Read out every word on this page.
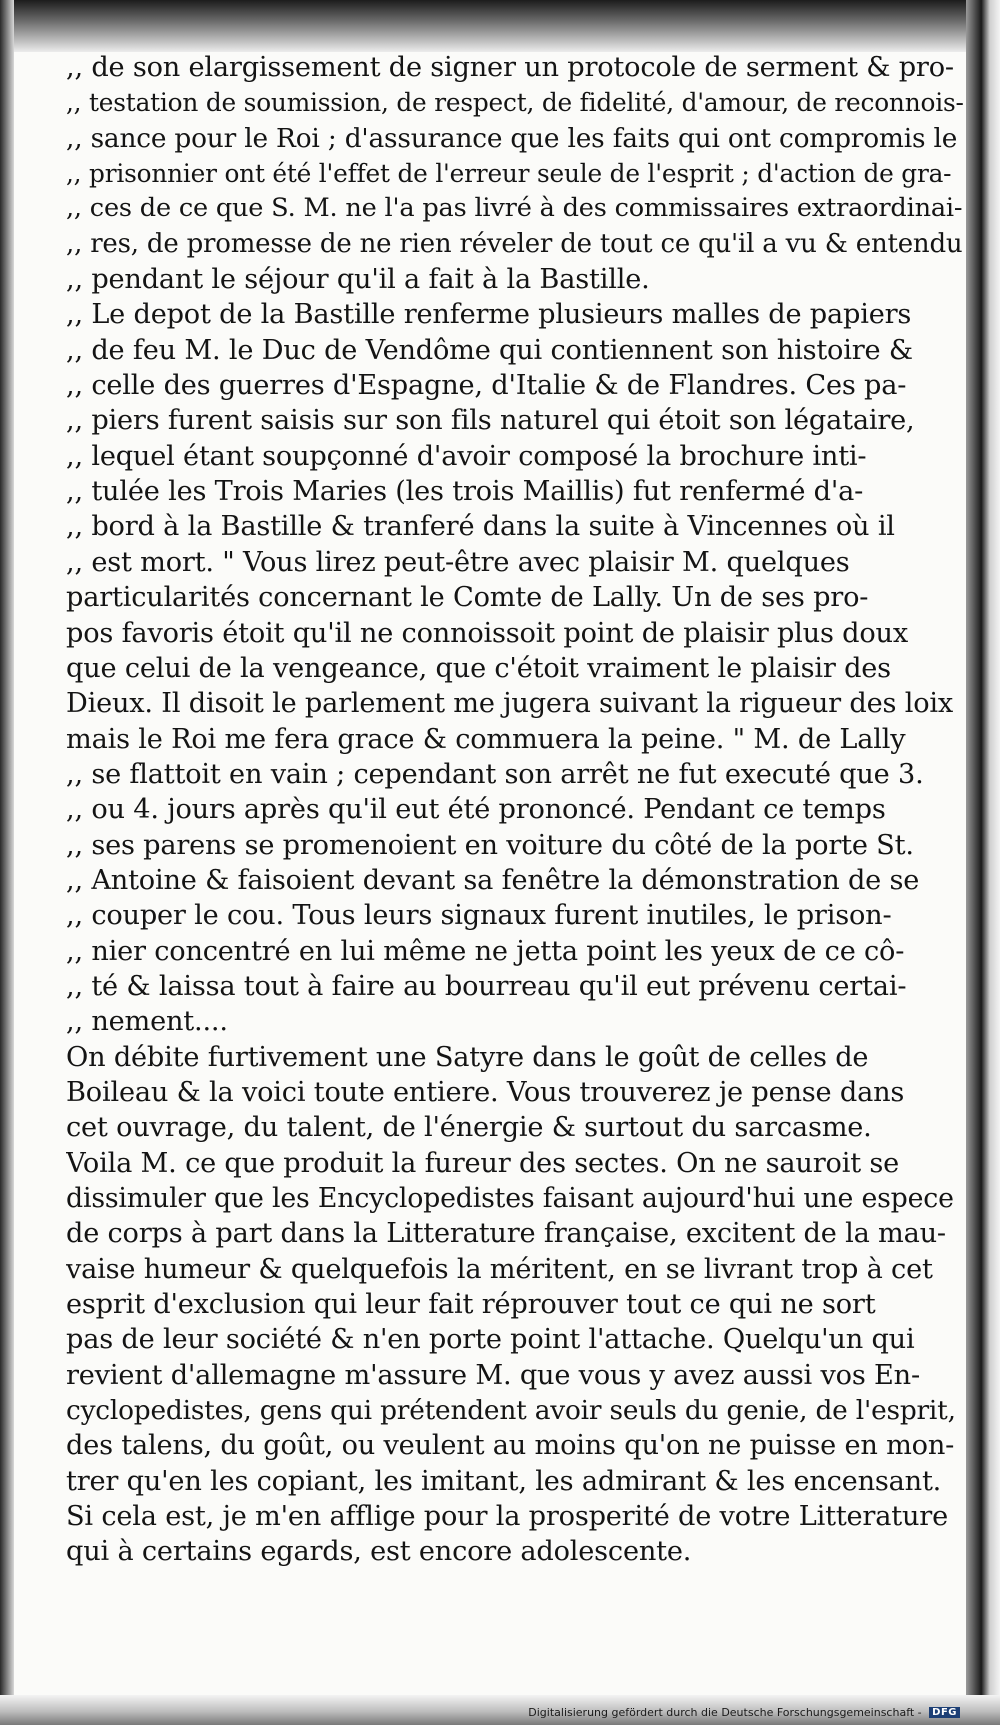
,, de son elargissement de signer un protocole de serment & pro-
,, testation de soumission, de respect, de fidelité, d'amour, de reconnois-
,, sance pour le Roi ; d'assurance que les faits qui ont compromis le
,, prisonnier ont été l'effet de l'erreur seule de l'esprit ; d'action de gra-
,, ces de ce que S. M. ne l'a pas livré à des commissaires extraordinai-
,, res, de promesse de ne rien réveler de tout ce qu'il a vu & entendu
,, pendant le séjour qu'il a fait à la Bastille.
,, Le depot de la Bastille renferme plusieurs malles de papiers
,, de feu M. le Duc de Vendôme qui contiennent son histoire &
,, celle des guerres d'Espagne, d'Italie & de Flandres. Ces pa-
,, piers furent saisis sur son fils naturel qui étoit son légataire,
,, lequel étant soupçonné d'avoir composé la brochure inti-
,, tulée les Trois Maries (les trois Maillis) fut renfermé d'a-
,, bord à la Bastille & tranferé dans la suite à Vincennes où il
,, est mort. " Vous lirez peut-être avec plaisir M. quelques
particularités concernant le Comte de Lally. Un de ses pro-
pos favoris étoit qu'il ne connoissoit point de plaisir plus doux
que celui de la vengeance, que c'étoit vraiment le plaisir des
Dieux. Il disoit le parlement me jugera suivant la rigueur des loix
mais le Roi me fera grace & commuera la peine. " M. de Lally
,, se flattoit en vain ; cependant son arrêt ne fut executé que 3.
,, ou 4. jours après qu'il eut été prononcé. Pendant ce temps
,, ses parens se promenoient en voiture du côté de la porte St.
,, Antoine & faisoient devant sa fenêtre la démonstration de se
,, couper le cou. Tous leurs signaux furent inutiles, le prison-
,, nier concentré en lui même ne jetta point les yeux de ce cô-
,, té & laissa tout à faire au bourreau qu'il eut prévenu certai-
,, nement....
On débite furtivement une Satyre dans le goût de celles de
Boileau & la voici toute entiere. Vous trouverez je pense dans
cet ouvrage, du talent, de l'énergie & surtout du sarcasme.
Voila M. ce que produit la fureur des sectes. On ne sauroit se
dissimuler que les Encyclopedistes faisant aujourd'hui une espece
de corps à part dans la Litterature française, excitent de la mau-
vaise humeur & quelquefois la méritent, en se livrant trop à cet
esprit d'exclusion qui leur fait réprouver tout ce qui ne sort
pas de leur société & n'en porte point l'attache. Quelqu'un qui
revient d'allemagne m'assure M. que vous y avez aussi vos En-
cyclopedistes, gens qui prétendent avoir seuls du genie, de l'esprit,
des talens, du goût, ou veulent au moins qu'on ne puisse en mon-
trer qu'en les copiant, les imitant, les admirant & les encensant.
Si cela est, je m'en afflige pour la prosperité de votre Litterature
qui à certains egards, est encore adolescente.
Digitalisierung gefördert durch die Deutsche Forschungsgemeinschaft - DFG
